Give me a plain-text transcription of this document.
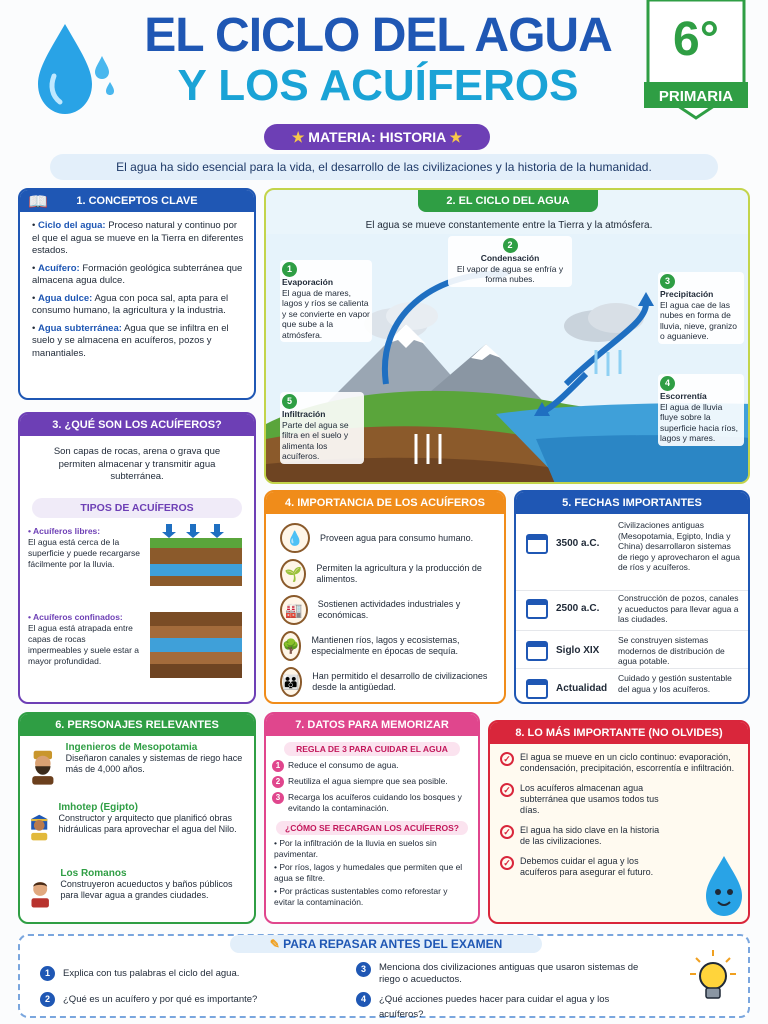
EL CICLO DEL AGUA
Y LOS ACUÍFEROS
6°
PRIMARIA
★ MATERIA: HISTORIA ★
El agua ha sido esencial para la vida, el desarrollo de las civilizaciones y la historia de la humanidad.
📖	1. CONCEPTOS CLAVE
• Ciclo del agua: Proceso natural y continuo por el que el agua se mueve en la Tierra en diferentes estados.
• Acuífero: Formación geológica subterránea que almacena agua dulce.
• Agua dulce: Agua con poca sal, apta para el consumo humano, la agricultura y la industria.
• Agua subterránea: Agua que se infiltra en el suelo y se almacena en acuíferos, pozos y manantiales.
2. EL CICLO DEL AGUA
El agua se mueve constantemente entre la Tierra y la atmósfera.
1
Evaporación
El agua de mares, lagos y ríos se calienta y se convierte en vapor que sube a la atmósfera.
2
Condensación
El vapor de agua se enfría y forma nubes.	3
Precipitación
El agua cae de las nubes en forma de lluvia, nieve, granizo o aguanieve.
4
Escorrentía
El agua de lluvia fluye sobre la superficie hacia ríos, lagos y mares.
5
Infiltración
Parte del agua se filtra en el suelo y alimenta los acuíferos.
3. ¿QUÉ SON LOS ACUÍFEROS?
Son capas de rocas, arena o grava que permiten almacenar y transmitir agua subterránea.
TIPOS DE ACUÍFEROS
• Acuíferos libres:
El agua está cerca de la superficie y puede recargarse fácilmente por la lluvia.
• Acuíferos confinados:
El agua está atrapada entre capas de rocas impermeables y suele estar a mayor profundidad.
4. IMPORTANCIA DE LOS ACUÍFEROS
💧	Proveen agua para consumo humano.
🌱	Permiten la agricultura y la producción de alimentos.
🏭	Sostienen actividades industriales y económicas.
🌳 Mantienen ríos, lagos y ecosistemas, especialmente en épocas de sequía.
👪 Han permitido el desarrollo de civilizaciones desde la antigüedad.
5. FECHAS IMPORTANTES
3500 a.C.
Civilizaciones antiguas (Mesopotamia, Egipto, India y China) desarrollaron sistemas de riego y aprovecharon el agua de ríos y acuíferos.
2500 a.C.
Construcción de pozos, canales y acueductos para llevar agua a las ciudades.
Siglo XIX
Se construyen sistemas modernos de distribución de agua potable.
Actualidad
Cuidado y gestión sustentable del agua y los acuíferos.
6. PERSONAJES RELEVANTES
Ingenieros de Mesopotamia
Diseñaron canales y sistemas de riego hace más de 4,000 años.
Imhotep (Egipto)
Constructor y arquitecto que planificó obras hidráulicas para aprovechar el agua del Nilo.
Los Romanos
Construyeron acueductos y baños públicos para llevar agua a grandes ciudades.
7. DATOS PARA MEMORIZAR
REGLA DE 3 PARA CUIDAR EL AGUA
1 Reduce el consumo de agua.
2 Reutiliza el agua siempre que sea posible.
3 Recarga los acuíferos cuidando los bosques y evitando la contaminación.
¿CÓMO SE RECARGAN LOS ACUÍFEROS?
• Por la infiltración de la lluvia en suelos sin pavimentar.
• Por ríos, lagos y humedales que permiten que el agua se filtre.
• Por prácticas sustentables como reforestar y evitar la contaminación.
8. LO MÁS IMPORTANTE (NO OLVIDES)
✓	El agua se mueve en un ciclo continuo: evaporación, condensación, precipitación, escorrentía e infiltración.
✓	Los acuíferos almacenan agua subterránea que usamos todos tus días.
✓	El agua ha sido clave en la historia de las civilizaciones.
✓	Debemos cuidar el agua y los acuíferos para asegurar el futuro.
✎ PARA REPASAR ANTES DEL EXAMEN
1	Explica con tus palabras el ciclo del agua.
2	¿Qué es un acuífero y por qué es importante?
3	Menciona dos civilizaciones antiguas que usaron sistemas de riego o acueductos.
4	¿Qué acciones puedes hacer para cuidar el agua y los acuíferos?
